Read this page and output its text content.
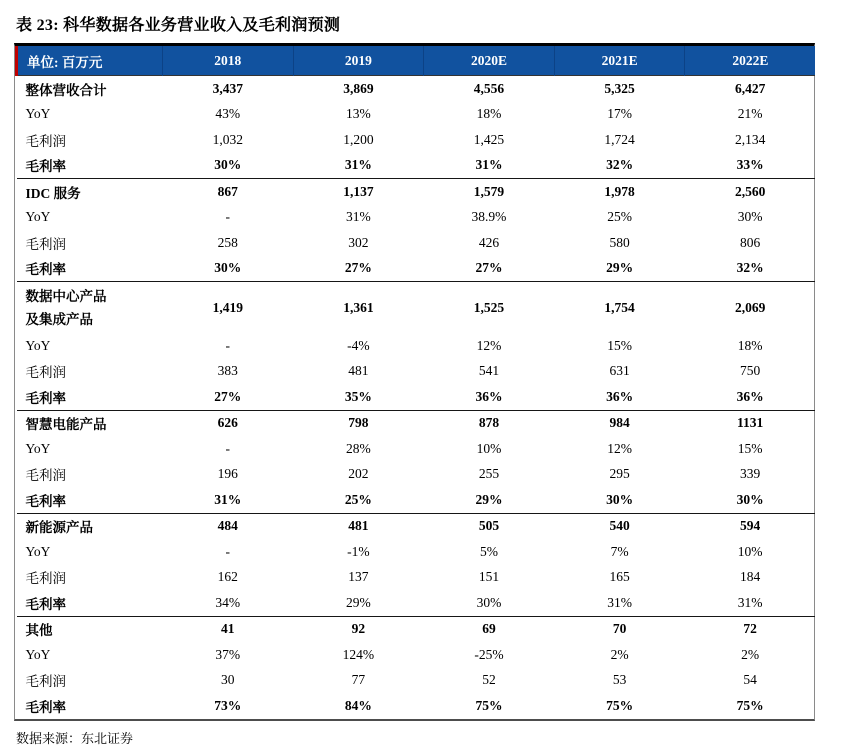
表 23: 科华数据各业务营业收入及毛利润预测
单位: 百万元	2018	2019	2020E	2021E	2022E

整体营收合计	3,437	3,869	4,556	5,325	6,427
YoY	43%	13%	18%	17%	21%
毛利润	1,032	1,200	1,425	1,724	2,134
毛利率	30%	31%	31%	32%	33%

IDC 服务	867	1,137	1,579	1,978	2,560
YoY	-	31%	38.9%	25%	30%
毛利润	258	302	426	580	806
毛利率	30%	27%	27%	29%	32%

数据中心产品
及集成产品	1,419	1,361	1,525	1,754	2,069
YoY	-	-4%	12%	15%	18%
毛利润	383	481	541	631	750
毛利率	27%	35%	36%	36%	36%

智慧电能产品	626	798	878	984	1131
YoY	-	28%	10%	12%	15%
毛利润	196	202	255	295	339
毛利率	31%	25%	29%	30%	30%

新能源产品	484	481	505	540	594
YoY	-	-1%	5%	7%	10%
毛利润	162	137	151	165	184
毛利率	34%	29%	30%	31%	31%

其他	41	92	69	70	72
YoY	37%	124%	-25%	2%	2%
毛利润	30	77	52	53	54
毛利率	73%	84%	75%	75%	75%
数据来源：东北证券
